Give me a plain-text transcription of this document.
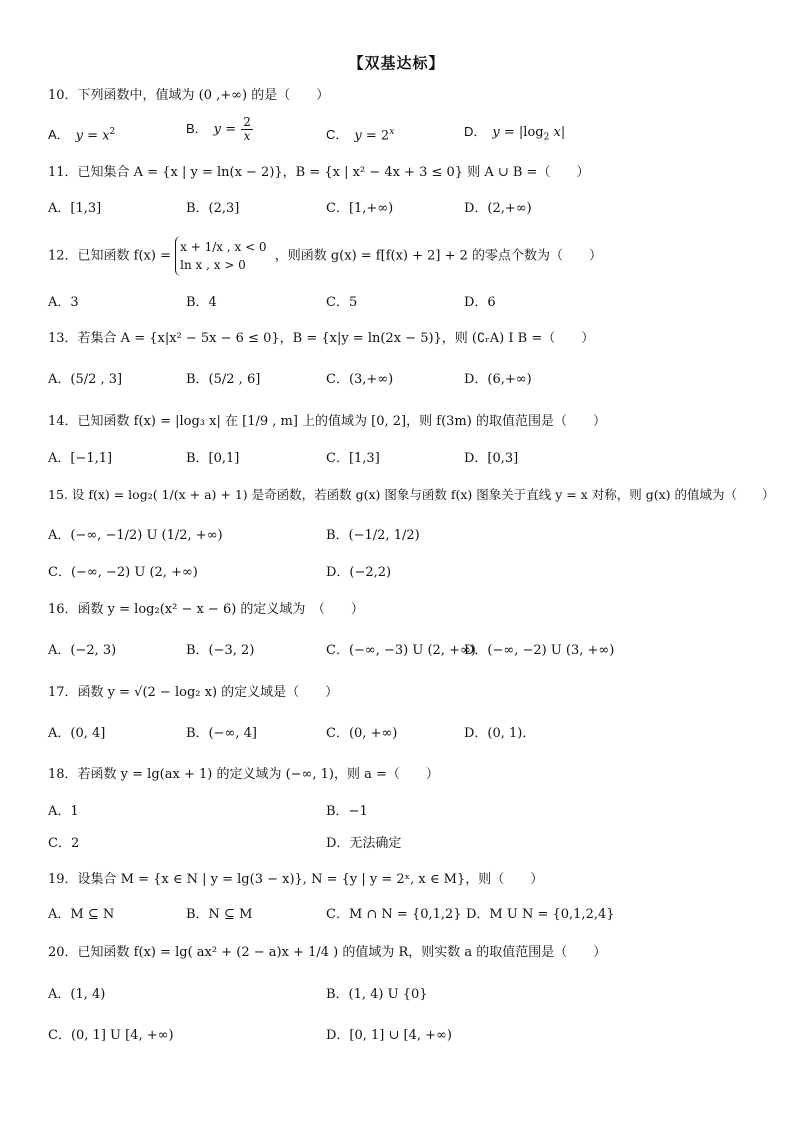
【双基达标】
10．下列函数中，值域为 (0 ,+∞) 的是（　　）
A． $y = x^2$	B． $y = \frac{2}{x}$	C． $y = 2^x$	D． $y = |\log_2$ x|
11．已知集合 A = {x | y = ln(x − 2)}，B = {x | x² − 4x + 3 ≤ 0} 则 A ∪ B =（　　）
A．[1,3]	B．(2,3]	C．[1,+∞)	D．(2,+∞)
12．已知函数 f(x) =
x + 1/x , x < 0
ln x , x > 0
，则函数 g(x) = f[f(x) + 2] + 2 的零点个数为（　　）
A．3	B．4	C．5	D．6
13．若集合 A = {x|x² − 5x − 6 ≤ 0}，B = {x|y = ln(2x − 5)}，则 (∁ᵣA) I B =（　　）
A．(5/2 , 3]	B．(5/2 , 6]	C．(3,+∞)	D．(6,+∞)
14．已知函数 f(x) = |log₃ x| 在 [1/9 , m] 上的值域为 [0, 2]，则 f(3m) 的取值范围是（　　）
A．[−1,1]	B．[0,1]	C．[1,3]	D．[0,3]
15. 设 f(x) = log₂( 1/(x + a) + 1) 是奇函数，若函数 g(x) 图象与函数 f(x) 图象关于直线 y = x 对称，则 g(x) 的值域为（　　）
A．(−∞, −1/2) U (1/2, +∞)	B．(−1/2, 1/2)
C．(−∞, −2) U (2, +∞)	D．(−2,2)
16．函数 y = log₂(x² − x − 6) 的定义域为　（　　）
A．(−2, 3)	B．(−3, 2)	C．(−∞, −3) U (2, +∞)
D．(−∞, −2) U (3, +∞)
17．函数 y = √(2 − log₂ x) 的定义域是（　　）
A．(0, 4]	B．(−∞, 4]	C．(0, +∞)	D．(0, 1)．
18．若函数 y = lg(ax + 1) 的定义域为 (−∞, 1)，则 a =（　　）
A．1	B．−1
C．2	D．无法确定
19．设集合 M = {x ∈ N | y = lg(3 − x)}, N = {y | y = 2ˣ, x ∈ M}，则（　　）
A．M ⊆ N	B．N ⊆ M	C．M ∩ N = {0,1,2} D．M U N = {0,1,2,4}
20．已知函数 f(x) = lg( ax² + (2 − a)x + 1/4 ) 的值域为 R，则实数 a 的取值范围是（　　）
A．(1, 4)	B．(1, 4) U {0}
C．(0, 1] U [4, +∞)	D．[0, 1] ∪ [4, +∞)
